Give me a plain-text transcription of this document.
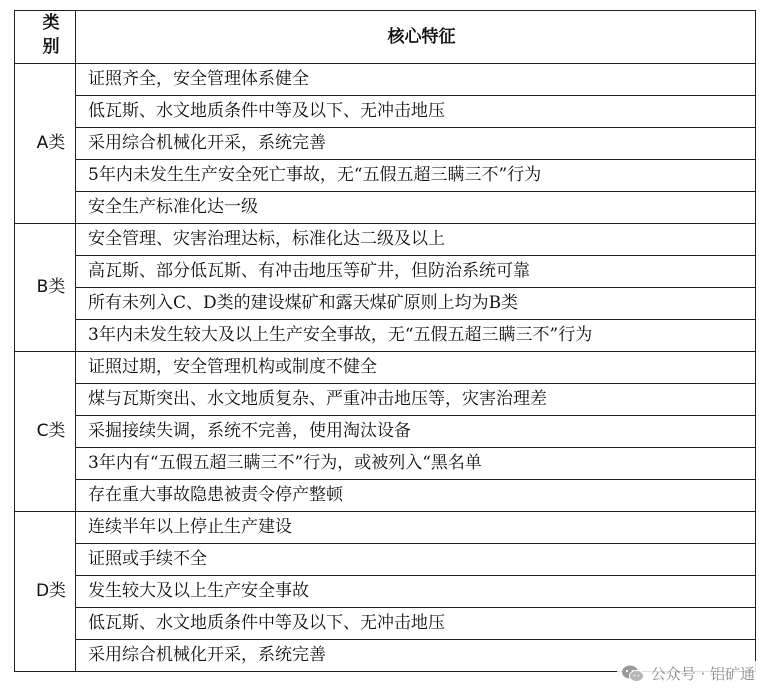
类别	核心特征
A类	证照齐全，安全管理体系健全
	低瓦斯、水文地质条件中等及以下、无冲击地压
	采用综合机械化开采，系统完善
	5年内未发生生产安全死亡事故，无“五假五超三瞒三不”行为
	安全生产标准化达一级
B类	安全管理、灾害治理达标，标准化达二级及以上
	高瓦斯、部分低瓦斯、有冲击地压等矿井，但防治系统可靠
	所有未列入C、D类的建设煤矿和露天煤矿原则上均为B类
	3年内未发生较大及以上生产安全事故，无“五假五超三瞒三不”行为
C类	证照过期，安全管理机构或制度不健全
	煤与瓦斯突出、水文地质复杂、严重冲击地压等，灾害治理差
	采掘接续失调，系统不完善，使用淘汰设备
	3年内有“五假五超三瞒三不”行为，或被列入“黑名单
	存在重大事故隐患被责令停产整顿
D类	连续半年以上停止生产建设
	证照或手续不全
	发生较大及以上生产安全事故
	低瓦斯、水文地质条件中等及以下、无冲击地压
	采用综合机械化开采，系统完善
公众号 · 铝矿通
